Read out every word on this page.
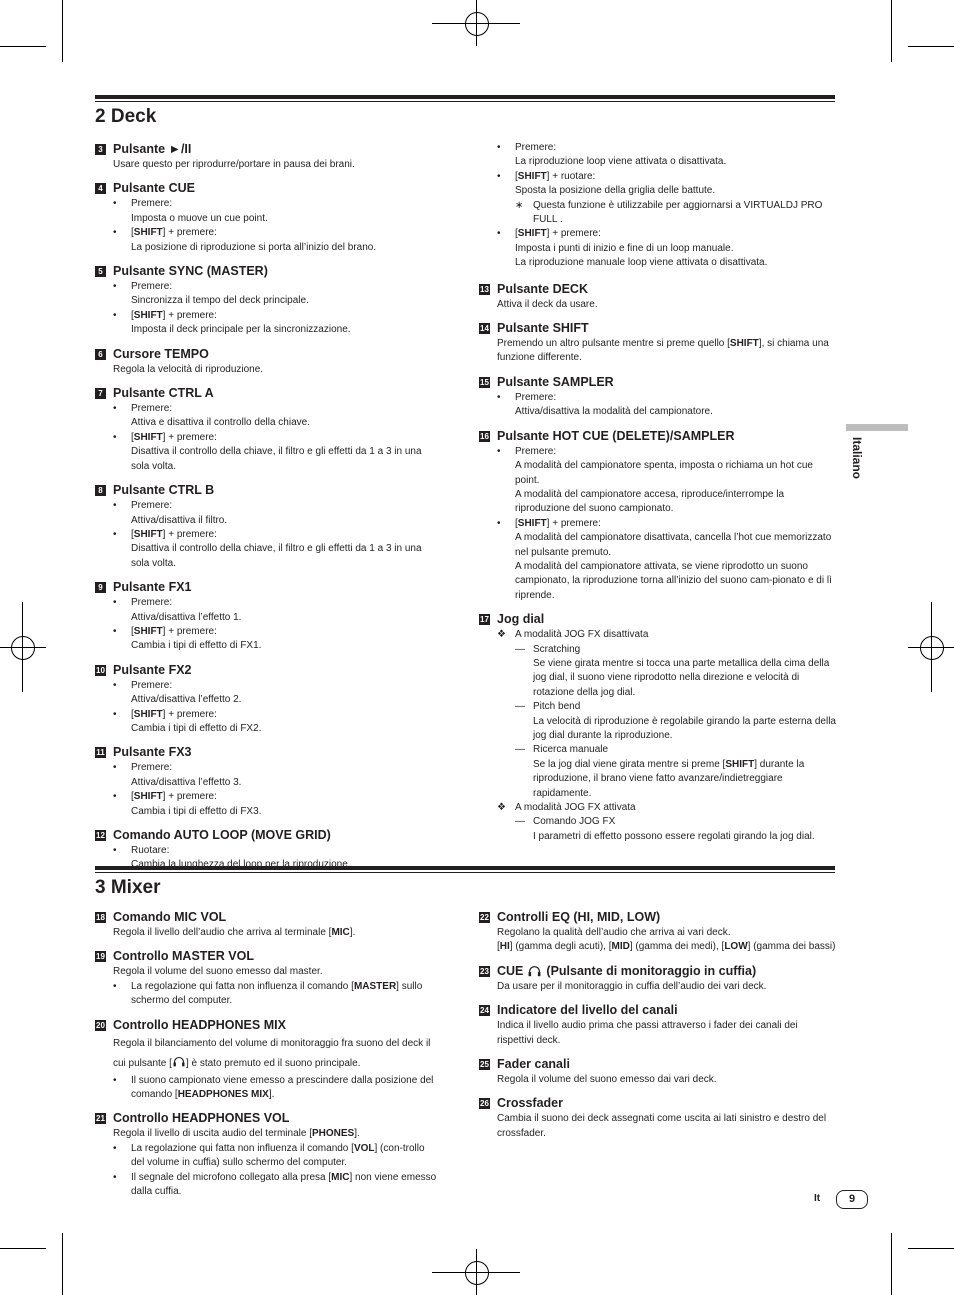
2 Deck
3 Pulsante ►/II
Usare questo per riprodurre/portare in pausa dei brani.
4 Pulsante CUE
•	Premere:
Imposta o muove un cue point.
•	[SHIFT] + premere:
La posizione di riproduzione si porta all’inizio del brano.
5 Pulsante SYNC (MASTER)
•	Premere:
Sincronizza il tempo del deck principale.
•	[SHIFT] + premere:
Imposta il deck principale per la sincronizzazione.
6 Cursore TEMPO
Regola la velocità di riproduzione.
7 Pulsante CTRL A
•	Premere:
Attiva e disattiva il controllo della chiave.
•	[SHIFT] + premere:
Disattiva il controllo della chiave, il filtro e gli effetti da 1 a 3 in una sola volta.
8 Pulsante CTRL B
•	Premere:
Attiva/disattiva il filtro.
•	[SHIFT] + premere:
Disattiva il controllo della chiave, il filtro e gli effetti da 1 a 3 in una sola volta.
9 Pulsante FX1
•	Premere:
Attiva/disattiva l’effetto 1.
•	[SHIFT] + premere:
Cambia i tipi di effetto di FX1.
10 Pulsante FX2
•	Premere:
Attiva/disattiva l’effetto 2.
•	[SHIFT] + premere:
Cambia i tipi di effetto di FX2.
11 Pulsante FX3
•	Premere:
Attiva/disattiva l’effetto 3.
•	[SHIFT] + premere:
Cambia i tipi di effetto di FX3.
12 Comando AUTO LOOP (MOVE GRID)
•	Ruotare:
Cambia la lunghezza del loop per la riproduzione.
•	Premere:
La riproduzione loop viene attivata o disattivata.
•	[SHIFT] + ruotare:
Sposta la posizione della griglia delle battute.
∗ Questa funzione è utilizzabile per aggiornarsi a VIRTUALDJ PRO FULL .
•	[SHIFT] + premere:
Imposta i punti di inizio e fine di un loop manuale.
La riproduzione manuale loop viene attivata o disattivata.
13 Pulsante DECK
Attiva il deck da usare.
14 Pulsante SHIFT
Premendo un altro pulsante mentre si preme quello [SHIFT], si chiama una funzione differente.
15 Pulsante SAMPLER
•	Premere:
Attiva/disattiva la modalità del campionatore.
16 Pulsante HOT CUE (DELETE)/SAMPLER
•	Premere:
A modalità del campionatore spenta, imposta o richiama un hot cue point.
A modalità del campionatore accesa, riproduce/interrompe la riproduzione del suono campionato.
•	[SHIFT] + premere:
A modalità del campionatore disattivata, cancella l’hot cue memorizzato nel pulsante premuto.
A modalità del campionatore attivata, se viene riprodotto un suono campionato, la riproduzione torna all’inizio del suono cam-pionato e di lì riprende.
17 Jog dial
❖ A modalità JOG FX disattivata
— Scratching
Se viene girata mentre si tocca una parte metallica della cima della jog dial, il suono viene riprodotto nella direzione e velocità di rotazione della jog dial.
— Pitch bend
La velocità di riproduzione è regolabile girando la parte esterna della jog dial durante la riproduzione.
— Ricerca manuale
Se la jog dial viene girata mentre si preme [SHIFT] durante la riproduzione, il brano viene fatto avanzare/indietreggiare rapidamente.
❖ A modalità JOG FX attivata
— Comando JOG FX
I parametri di effetto possono essere regolati girando la jog dial.
3 Mixer
18 Comando MIC VOL
Regola il livello dell’audio che arriva al terminale [MIC].
19 Controllo MASTER VOL
Regola il volume del suono emesso dal master.
•	La regolazione qui fatta non influenza il comando [MASTER] sullo schermo del computer.
20 Controllo HEADPHONES MIX
Regola il bilanciamento del volume di monitoraggio fra suono del deck il cui pulsante [ ] è stato premuto ed il suono principale.
•	Il suono campionato viene emesso a prescindere dalla posizione del comando [HEADPHONES MIX].
21 Controllo HEADPHONES VOL
Regola il livello di uscita audio del terminale [PHONES].
•	La regolazione qui fatta non influenza il comando [VOL] (con-trollo del volume in cuffia) sullo schermo del computer.
•	Il segnale del microfono collegato alla presa [MIC] non viene emesso dalla cuffia.
22 Controlli EQ (HI, MID, LOW)
Regolano la qualità dell’audio che arriva ai vari deck.
[HI] (gamma degli acuti), [MID] (gamma dei medi), [LOW] (gamma dei bassi)
23 CUE (Pulsante di monitoraggio in cuffia)
Da usare per il monitoraggio in cuffia dell’audio dei vari deck.
24 Indicatore del livello del canali
Indica il livello audio prima che passi attraverso i fader dei canali dei rispettivi deck.
25 Fader canali
Regola il volume del suono emesso dai vari deck.
26 Crossfader
Cambia il suono dei deck assegnati come uscita ai lati sinistro e destro del crossfader.
Italiano
It	9
